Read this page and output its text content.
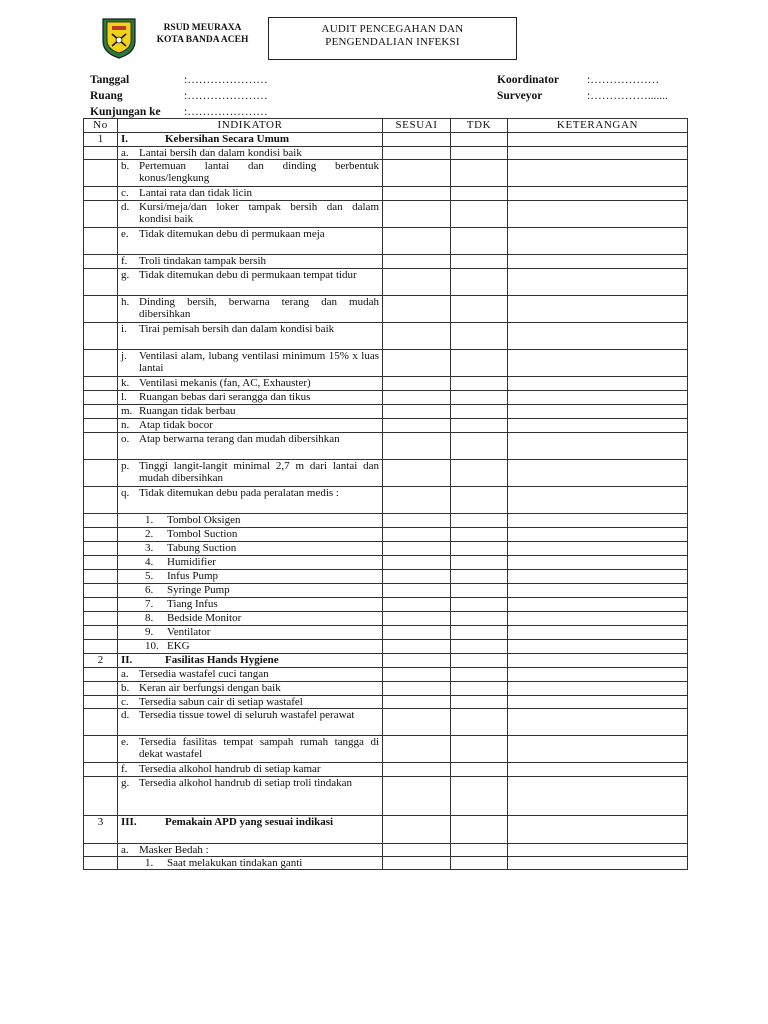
RSUD MEURAXA
KOTA BANDA ACEH
AUDIT PENCEGAHAN DAN
PENGENDALIAN INFEKSI
Tanggal	:…………………
Ruang	:…………………
Kunjungan ke :…………………
Koordinator :………………
Surveyor	:…………….......
No	INDIKATOR	SESUAI	TDK	KETERANGAN
1	I. Kebersihan Secara Umum			

	a. Lantai bersih dan dalam kondisi baik			

	b. Pertemuan lantai dan dinding berbentuk konus/lengkung			

	c. Lantai rata dan tidak licin			

	d. Kursi/meja/dan loker tampak bersih dan dalam kondisi baik			

	e. Tidak ditemukan debu di permukaan meja			

	f. Troli tindakan tampak bersih			

	g. Tidak ditemukan debu di permukaan tempat tidur			

	h. Dinding bersih, berwarna terang dan mudah dibersihkan			

	i. Tirai pemisah bersih dan dalam kondisi baik			

	j. Ventilasi alam, lubang ventilasi minimum 15% x luas lantai			

	k. Ventilasi mekanis (fan, AC, Exhauster)			

	l. Ruangan bebas dari serangga dan tikus			

	m. Ruangan tidak berbau			

	n. Atap tidak bocor			

	o. Atap berwarna terang dan mudah dibersihkan			

	p. Tinggi langit-langit minimal 2,7 m dari lantai dan mudah dibersihkan			

	q. Tidak ditemukan debu pada peralatan medis :			

	1. Tombol Oksigen			

	2. Tombol Suction			

	3. Tabung Suction			

	4. Humidifier			

	5. Infus Pump			

	6. Syringe Pump			

	7. Tiang Infus			

	8. Bedside Monitor			

	9. Ventilator			

	10. EKG			

2	II. Fasilitas Hands Hygiene			

	a. Tersedia wastafel cuci tangan			

	b. Keran air berfungsi dengan baik			

	c. Tersedia sabun cair di setiap wastafel			

	d. Tersedia tissue towel di seluruh wastafel perawat			

	e. Tersedia fasilitas tempat sampah rumah tangga di dekat wastafel			

	f. Tersedia alkohol handrub di setiap kamar			

	g. Tersedia alkohol handrub di setiap troli tindakan			

3	III. Pemakain APD yang sesuai indikasi			

	a. Masker Bedah :			

	1. Saat melakukan tindakan ganti			
